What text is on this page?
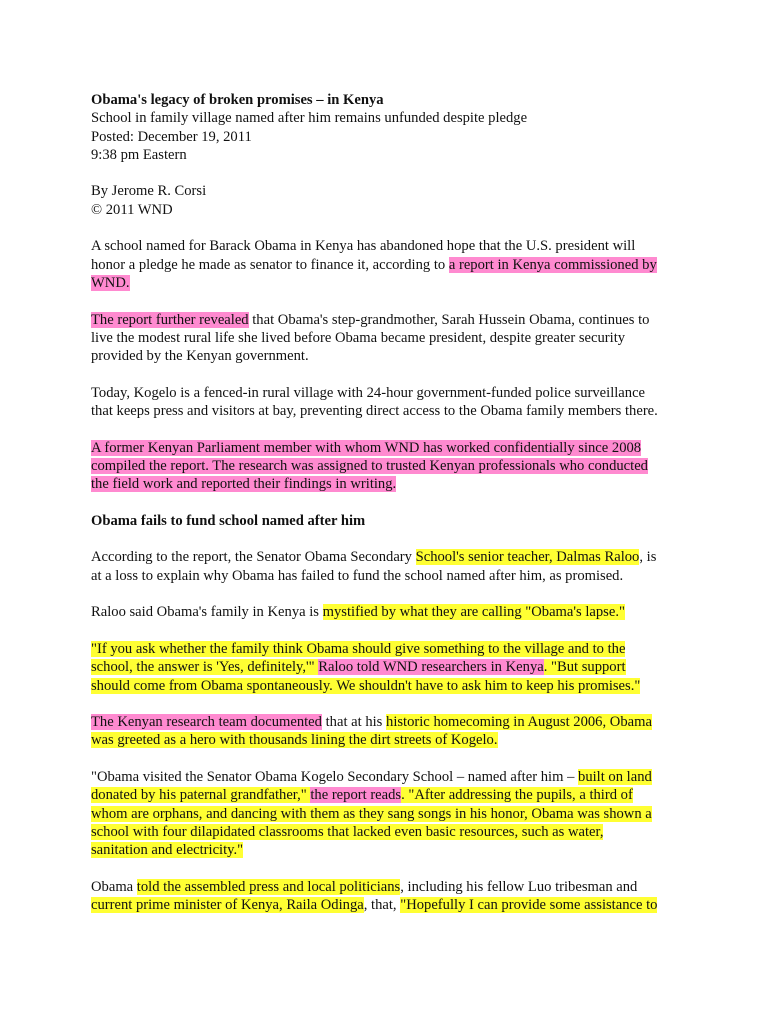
Obama's legacy of broken promises – in Kenya
School in family village named after him remains unfunded despite pledge
Posted: December 19, 2011
9:38 pm Eastern
By Jerome R. Corsi
© 2011 WND
A school named for Barack Obama in Kenya has abandoned hope that the U.S. president will
honor a pledge he made as senator to finance it, according to a report in Kenya commissioned by
WND.
The report further revealed that Obama's step-grandmother, Sarah Hussein Obama, continues to
live the modest rural life she lived before Obama became president, despite greater security
provided by the Kenyan government.
Today, Kogelo is a fenced-in rural village with 24-hour government-funded police surveillance
that keeps press and visitors at bay, preventing direct access to the Obama family members there.
A former Kenyan Parliament member with whom WND has worked confidentially since 2008
compiled the report. The research was assigned to trusted Kenyan professionals who conducted
the field work and reported their findings in writing.
Obama fails to fund school named after him
According to the report, the Senator Obama Secondary School's senior teacher, Dalmas Raloo, is
at a loss to explain why Obama has failed to fund the school named after him, as promised.
Raloo said Obama's family in Kenya is mystified by what they are calling "Obama's lapse."
"If you ask whether the family think Obama should give something to the village and to the
school, the answer is 'Yes, definitely,'" Raloo told WND researchers in Kenya. "But support
should come from Obama spontaneously. We shouldn't have to ask him to keep his promises."
The Kenyan research team documented that at his historic homecoming in August 2006, Obama
was greeted as a hero with thousands lining the dirt streets of Kogelo.
"Obama visited the Senator Obama Kogelo Secondary School – named after him – built on land
donated by his paternal grandfather," the report reads. "After addressing the pupils, a third of
whom are orphans, and dancing with them as they sang songs in his honor, Obama was shown a
school with four dilapidated classrooms that lacked even basic resources, such as water,
sanitation and electricity."
Obama told the assembled press and local politicians, including his fellow Luo tribesman and
current prime minister of Kenya, Raila Odinga, that, "Hopefully I can provide some assistance to
